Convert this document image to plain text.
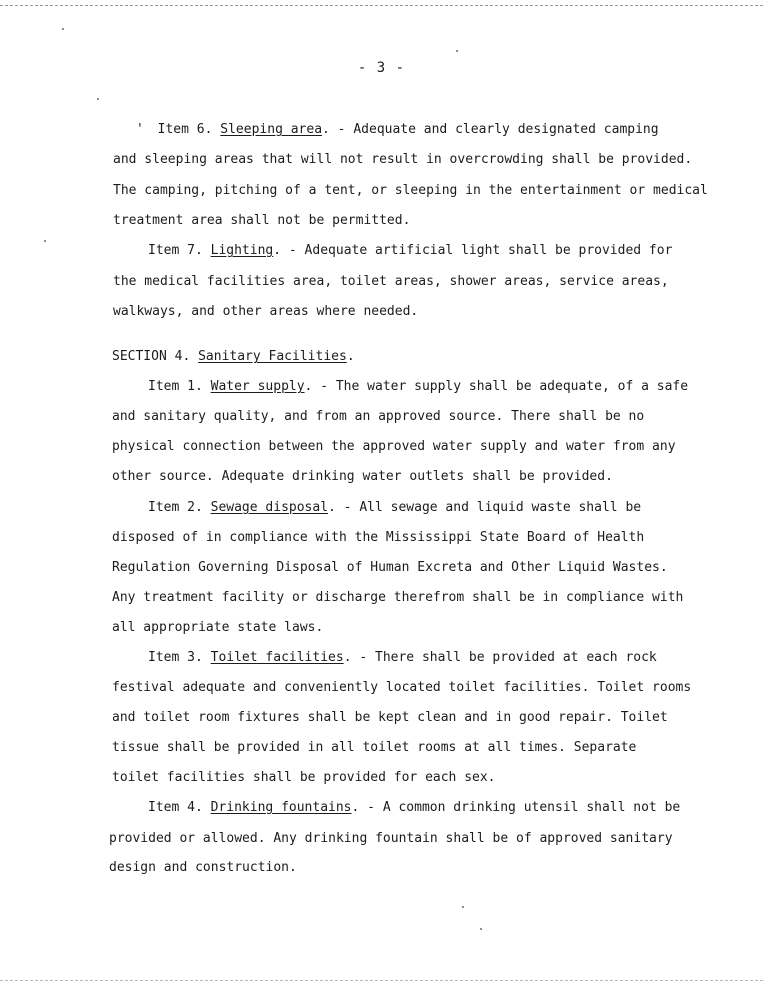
- 3 -
' Item 6. Sleeping area. - Adequate and clearly designated camping
and sleeping areas that will not result in overcrowding shall be provided.
The camping, pitching of a tent, or sleeping in the entertainment or medical
treatment area shall not be permitted.
Item 7. Lighting. - Adequate artificial light shall be provided for
the medical facilities area, toilet areas, shower areas, service areas,
walkways, and other areas where needed.
SECTION 4. Sanitary Facilities.
Item 1. Water supply. - The water supply shall be adequate, of a safe
and sanitary quality, and from an approved source. There shall be no
physical connection between the approved water supply and water from any
other source. Adequate drinking water outlets shall be provided.
Item 2. Sewage disposal. - All sewage and liquid waste shall be
disposed of in compliance with the Mississippi State Board of Health
Regulation Governing Disposal of Human Excreta and Other Liquid Wastes.
Any treatment facility or discharge therefrom shall be in compliance with
all appropriate state laws.
Item 3. Toilet facilities. - There shall be provided at each rock
festival adequate and conveniently located toilet facilities. Toilet rooms
and toilet room fixtures shall be kept clean and in good repair. Toilet
tissue shall be provided in all toilet rooms at all times. Separate
toilet facilities shall be provided for each sex.
Item 4. Drinking fountains. - A common drinking utensil shall not be
provided or allowed. Any drinking fountain shall be of approved sanitary
design and construction.
